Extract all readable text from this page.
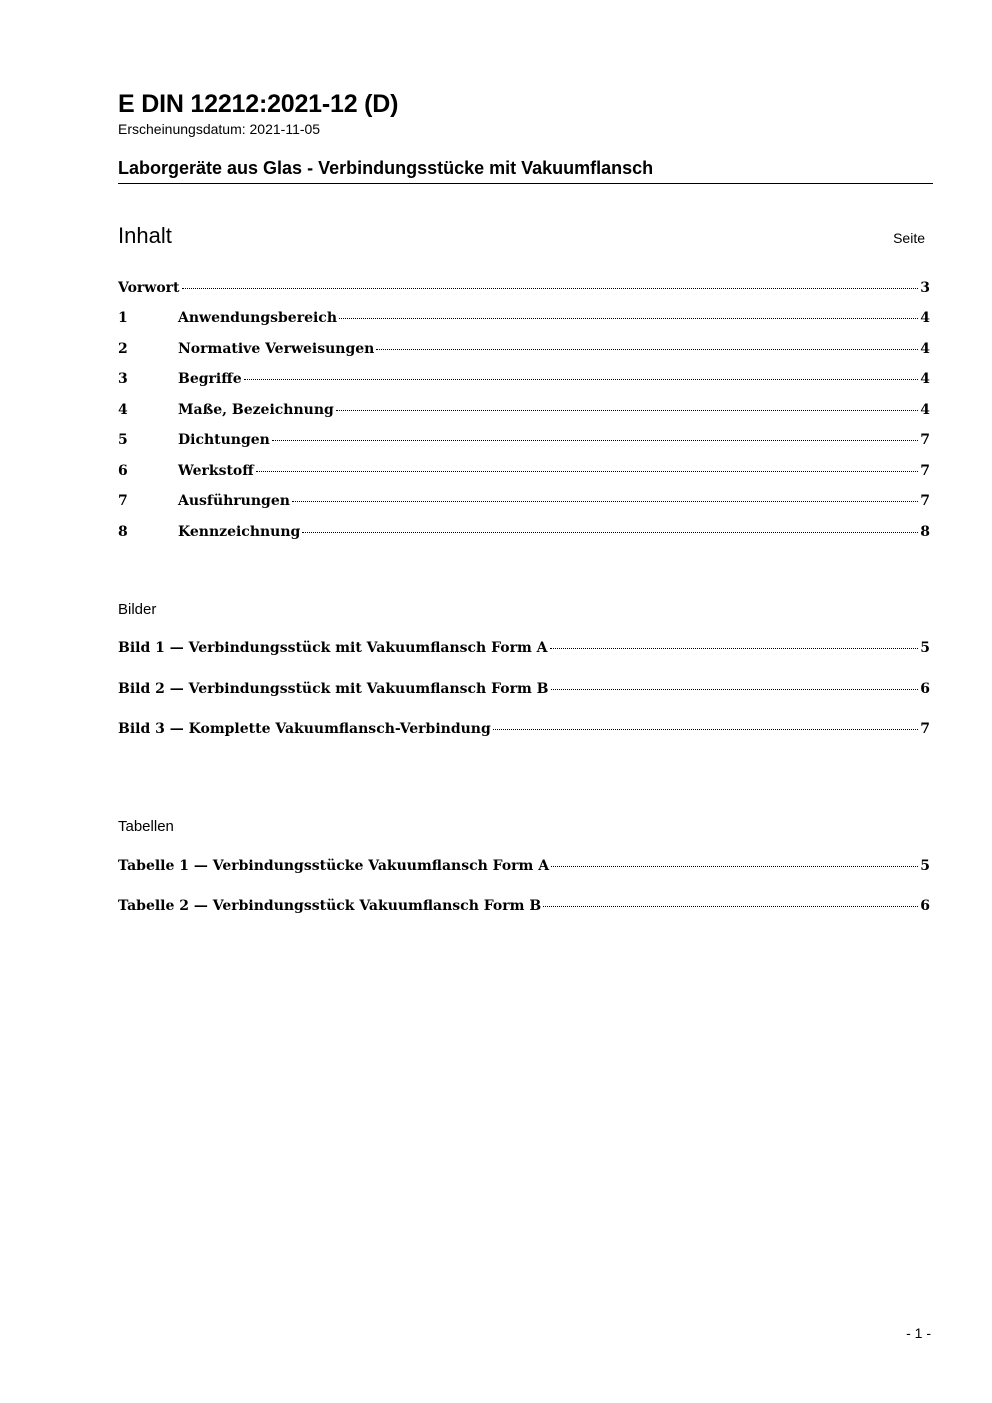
E DIN 12212:2021-12 (D)
Erscheinungsdatum: 2021-11-05
Laborgeräte aus Glas - Verbindungsstücke mit Vakuumflansch
Inhalt	Seite
Vorwort	3
1	Anwendungsbereich	4
2	Normative Verweisungen	4
3	Begriffe	4
4	Maße, Bezeichnung	4
5	Dichtungen	7
6	Werkstoff	7
7	Ausführungen	7
8	Kennzeichnung	8
Bilder
Bild 1 — Verbindungsstück mit Vakuumflansch Form A	5
Bild 2 — Verbindungsstück mit Vakuumflansch Form B	6
Bild 3 — Komplette Vakuumflansch-Verbindung	7
Tabellen
Tabelle 1 — Verbindungsstücke Vakuumflansch Form A	5
Tabelle 2 — Verbindungsstück Vakuumflansch Form B	6
- 1 -
